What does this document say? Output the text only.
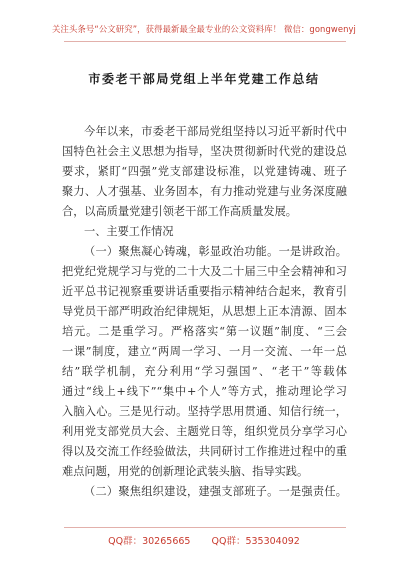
关注头条号“公文研究”，获得最新最全最专业的公文资料库！ 微信：gongwenyj
市委老干部局党组上半年党建工作总结
今年以来，市委老干部局党组坚持以习近平新时代中
国特色社会主义思想为指导，坚决贯彻新时代党的建设总
要求，紧盯“四强”党支部建设标准，以党建铸魂、班子
聚力、人才强基、业务固本，有力推动党建与业务深度融
合，以高质量党建引领老干部工作高质量发展。
一、主要工作情况
（一）聚焦凝心铸魂，彰显政治功能。一是讲政治。
把党纪党规学习与党的二十大及二十届三中全会精神和习
近平总书记视察重要讲话重要指示精神结合起来，教育引
导党员干部严明政治纪律规矩，从思想上正本清源、固本
培元。二是重学习。严格落实“第一议题”制度、“三会
一课”制度，建立“两周一学习、一月一交流、一年一总
结”联学机制，充分利用“学习强国”、“老干”等载体
通过“线上+线下”“集中+个人”等方式，推动理论学习
入脑入心。三是见行动。坚持学思用贯通、知信行统一，
利用党支部党员大会、主题党日等，组织党员分享学习心
得以及交流工作经验做法，共同研讨工作推进过程中的重
难点问题，用党的创新理论武装头脑、指导实践。
（二）聚焦组织建设，建强支部班子。一是强责任。
QQ群：30265665 QQ群：535304092
